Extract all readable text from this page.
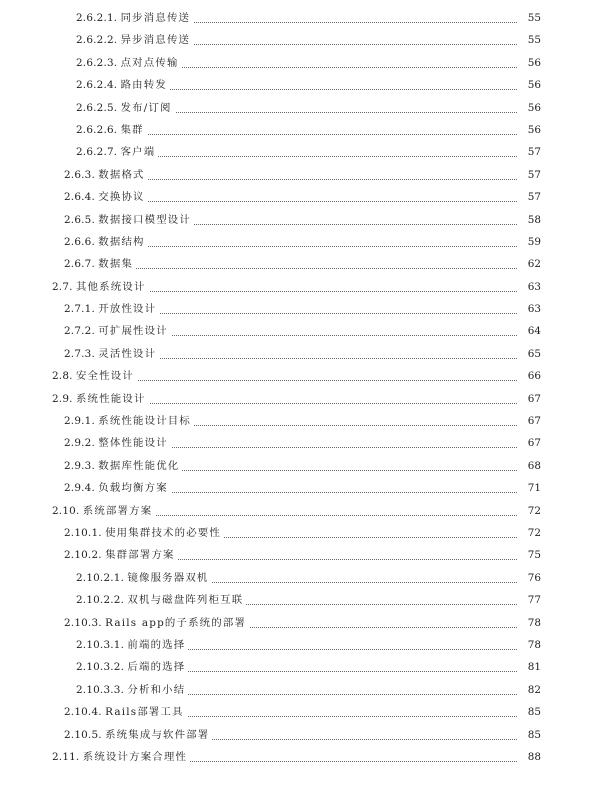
2.6.2.1. 同步消息传送	55
2.6.2.2. 异步消息传送	55
2.6.2.3. 点对点传输	56
2.6.2.4. 路由转发	56
2.6.2.5. 发布/订阅	56
2.6.2.6. 集群	56
2.6.2.7. 客户端	57
2.6.3. 数据格式	57
2.6.4. 交换协议	57
2.6.5. 数据接口模型设计	58
2.6.6. 数据结构	59
2.6.7. 数据集	62
2.7. 其他系统设计	63
2.7.1. 开放性设计	63
2.7.2. 可扩展性设计	64
2.7.3. 灵活性设计	65
2.8. 安全性设计	66
2.9. 系统性能设计	67
2.9.1. 系统性能设计目标	67
2.9.2. 整体性能设计	67
2.9.3. 数据库性能优化	68
2.9.4. 负载均衡方案	71
2.10. 系统部署方案	72
2.10.1. 使用集群技术的必要性	72
2.10.2. 集群部署方案	75
2.10.2.1. 镜像服务器双机	76
2.10.2.2. 双机与磁盘阵列柜互联	77
2.10.3. Rails app的子系统的部署	78
2.10.3.1. 前端的选择	78
2.10.3.2. 后端的选择	81
2.10.3.3. 分析和小结	82
2.10.4. Rails部署工具	85
2.10.5. 系统集成与软件部署	85
2.11. 系统设计方案合理性	88
